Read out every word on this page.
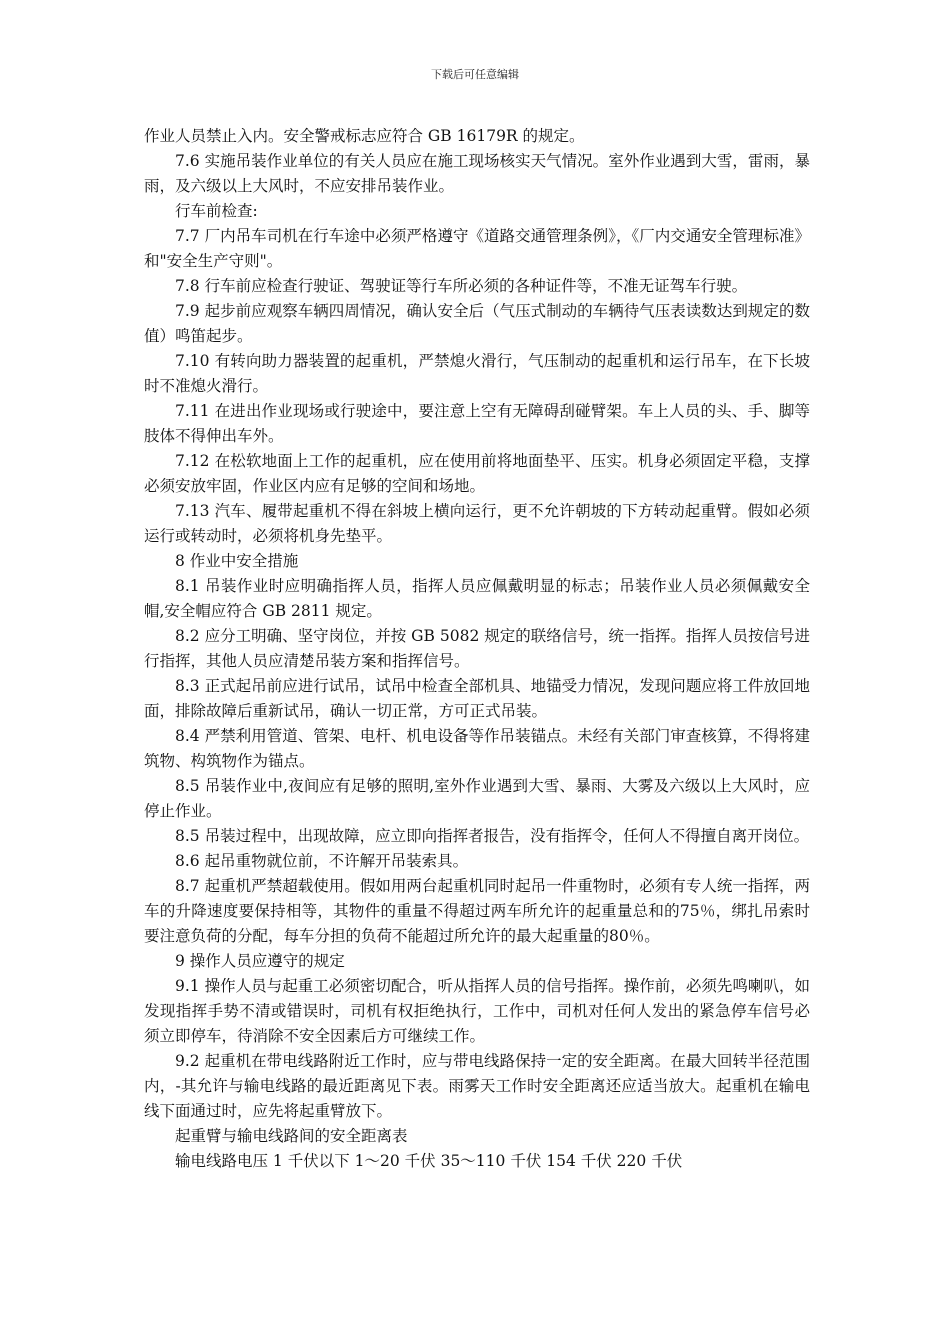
下载后可任意编辑

作业人员禁止入内。安全警戒标志应符合 GB 16179R 的规定。

7.6 实施吊装作业单位的有关人员应在施工现场核实天气情况。室外作业遇到大雪，雷雨，暴雨，及六级以上大风时，不应安排吊装作业。

行车前检查:

7.7 厂内吊车司机在行车途中必须严格遵守《道路交通管理条例》，《厂内交通安全管理标准》和"安全生产守则"。

7.8 行车前应检查行驶证、驾驶证等行车所必须的各种证件等，不准无证驾车行驶。

7.9 起步前应观察车辆四周情况，确认安全后（气压式制动的车辆待气压表读数达到规定的数值）鸣笛起步。

7.10 有转向助力器装置的起重机，严禁熄火滑行，气压制动的起重机和运行吊车，在下长坡时不准熄火滑行。

7.11 在进出作业现场或行驶途中，要注意上空有无障碍刮碰臂架。车上人员的头、手、脚等肢体不得伸出车外。

7.12 在松软地面上工作的起重机，应在使用前将地面垫平、压实。机身必须固定平稳，支撑必须安放牢固，作业区内应有足够的空间和场地。

7.13 汽车、履带起重机不得在斜坡上横向运行，更不允许朝坡的下方转动起重臂。假如必须运行或转动时，必须将机身先垫平。

8 作业中安全措施

8.1 吊装作业时应明确指挥人员，指挥人员应佩戴明显的标志；吊装作业人员必须佩戴安全帽,安全帽应符合 GB 2811 规定。

8.2 应分工明确、坚守岗位，并按 GB 5082 规定的联络信号，统一指挥。指挥人员按信号进行指挥，其他人员应清楚吊装方案和指挥信号。

8.3 正式起吊前应进行试吊，试吊中检查全部机具、地锚受力情况，发现问题应将工件放回地面，排除故障后重新试吊，确认一切正常，方可正式吊装。

8.4 严禁利用管道、管架、电杆、机电设备等作吊装锚点。未经有关部门审查核算，不得将建筑物、构筑物作为锚点。

8.5 吊装作业中,夜间应有足够的照明,室外作业遇到大雪、暴雨、大雾及六级以上大风时，应停止作业。

8.5 吊装过程中，出现故障，应立即向指挥者报告，没有指挥令，任何人不得擅自离开岗位。

8.6 起吊重物就位前，不许解开吊装索具。

8.7 起重机严禁超载使用。假如用两台起重机同时起吊一件重物时，必须有专人统一指挥，两车的升降速度要保持相等，其物件的重量不得超过两车所允许的起重量总和的75％，绑扎吊索时要注意负荷的分配，每车分担的负荷不能超过所允许的最大起重量的80％。

9 操作人员应遵守的规定

9.1 操作人员与起重工必须密切配合，听从指挥人员的信号指挥。操作前，必须先鸣喇叭，如发现指挥手势不清或错误时，司机有权拒绝执行，工作中，司机对任何人发出的紧急停车信号必须立即停车，待消除不安全因素后方可继续工作。

9.2 起重机在带电线路附近工作时，应与带电线路保持一定的安全距离。在最大回转半径范围内，-其允许与输电线路的最近距离见下表。雨雾天工作时安全距离还应适当放大。起重机在输电线下面通过时，应先将起重臂放下。

起重臂与输电线路间的安全距离表

输电线路电压 1 千伏以下 1～20 千伏 35～110 千伏 154 千伏 220 千伏
